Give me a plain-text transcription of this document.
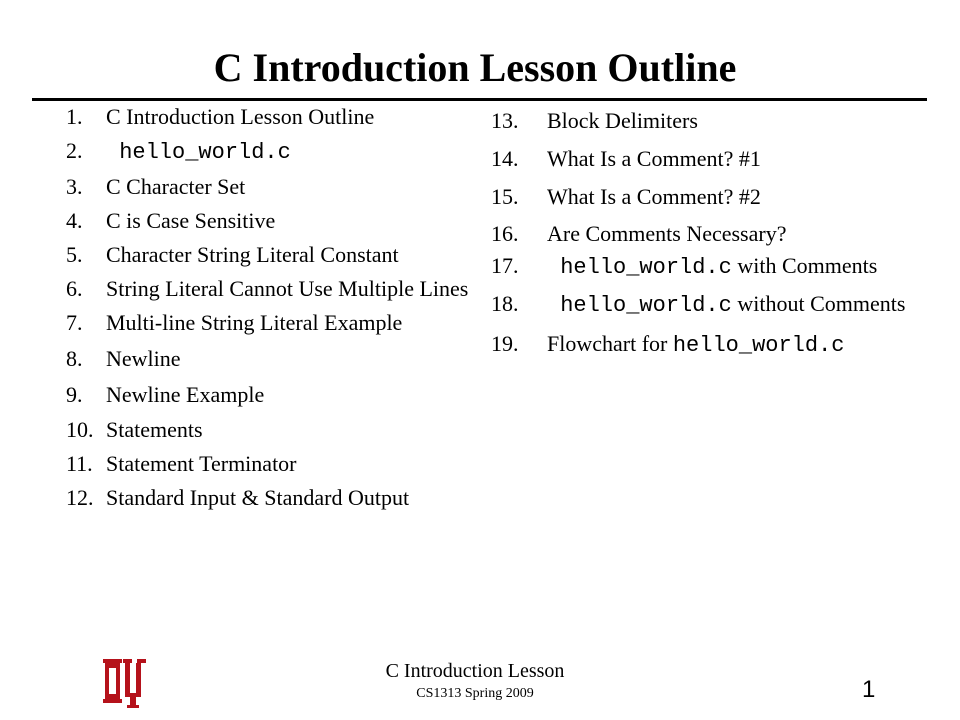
C Introduction Lesson Outline
1. C Introduction Lesson Outline
2. hello_world.c
3. C Character Set
4. C is Case Sensitive
5. Character String Literal Constant
6. String Literal Cannot Use Multiple Lines
7. Multi-line String Literal Example
8. Newline
9. Newline Example
10. Statements
11. Statement Terminator
12. Standard Input & Standard Output
13. Block Delimiters
14. What Is a Comment? #1
15. What Is a Comment? #2
16. Are Comments Necessary?
17. hello_world.c with Comments
18. hello_world.c without Comments
19. Flowchart for hello_world.c
C Introduction Lesson
CS1313 Spring 2009	1
